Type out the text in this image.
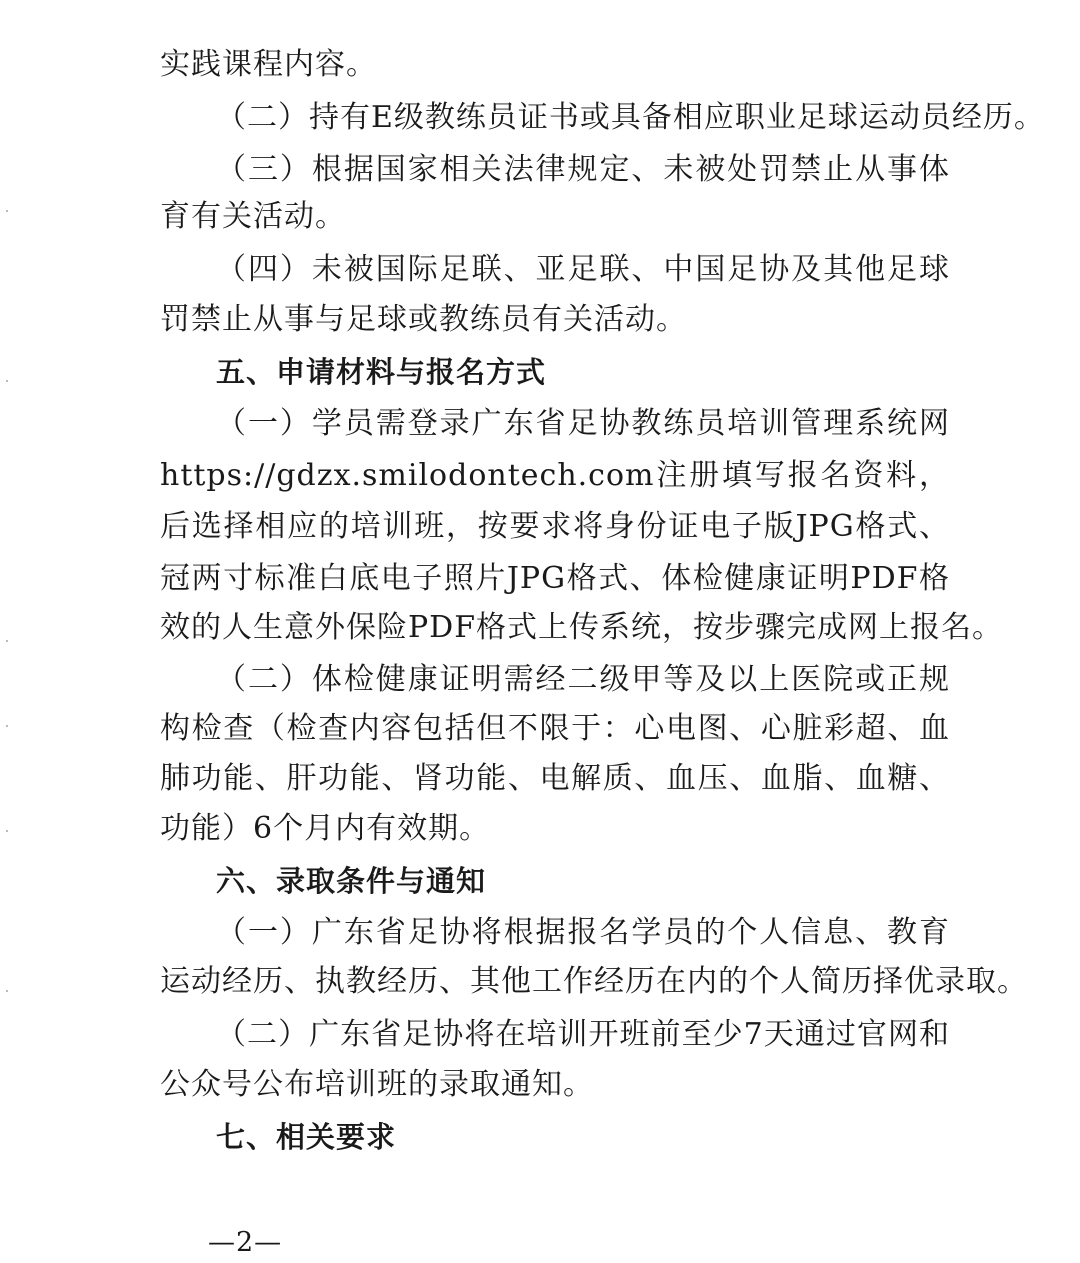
实践课程内容。
（二）持有E级教练员证书或具备相应职业足球运动员经历。
（三）根据国家相关法律规定、未被处罚禁止从事体
育有关活动。
（四）未被国际足联、亚足联、中国足协及其他足球
罚禁止从事与足球或教练员有关活动。
五、申请材料与报名方式
（一）学员需登录广东省足协教练员培训管理系统网
https://gdzx.smilodontech.com注册填写报名资料，
后选择相应的培训班，按要求将身份证电子版JPG格式、
冠两寸标准白底电子照片JPG格式、体检健康证明PDF格
效的人生意外保险PDF格式上传系统，按步骤完成网上报名。
（二）体检健康证明需经二级甲等及以上医院或正规
构检查（检查内容包括但不限于：心电图、心脏彩超、血
肺功能、肝功能、肾功能、电解质、血压、血脂、血糖、
功能）6个月内有效期。
六、录取条件与通知
（一）广东省足协将根据报名学员的个人信息、教育
运动经历、执教经历、其他工作经历在内的个人简历择优录取。
（二）广东省足协将在培训开班前至少7天通过官网和
公众号公布培训班的录取通知。
七、相关要求
—2—
